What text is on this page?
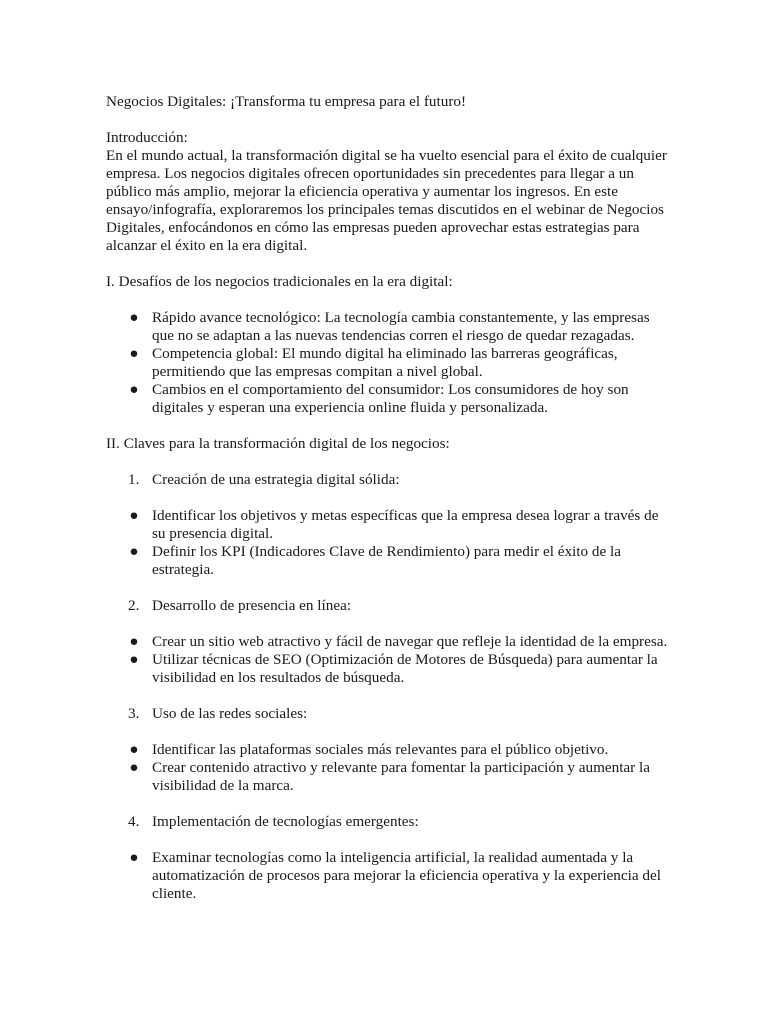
Negocios Digitales: ¡Transforma tu empresa para el futuro!

Introducción:

En el mundo actual, la transformación digital se ha vuelto esencial para el éxito de cualquier empresa. Los negocios digitales ofrecen oportunidades sin precedentes para llegar a un público más amplio, mejorar la eficiencia operativa y aumentar los ingresos. En este ensayo/infografía, exploraremos los principales temas discutidos en el webinar de Negocios Digitales, enfocándonos en cómo las empresas pueden aprovechar estas estrategias para alcanzar el éxito en la era digital.

I. Desafíos de los negocios tradicionales en la era digital:

● Rápido avance tecnológico: La tecnología cambia constantemente, y las empresas que no se adaptan a las nuevas tendencias corren el riesgo de quedar rezagadas.
● Competencia global: El mundo digital ha eliminado las barreras geográficas, permitiendo que las empresas compitan a nivel global.
● Cambios en el comportamiento del consumidor: Los consumidores de hoy son digitales y esperan una experiencia online fluida y personalizada.

II. Claves para la transformación digital de los negocios:

1. Creación de una estrategia digital sólida:
● Identificar los objetivos y metas específicas que la empresa desea lograr a través de su presencia digital.
● Definir los KPI (Indicadores Clave de Rendimiento) para medir el éxito de la estrategia.
2. Desarrollo de presencia en línea:
● Crear un sitio web atractivo y fácil de navegar que refleje la identidad de la empresa.
● Utilizar técnicas de SEO (Optimización de Motores de Búsqueda) para aumentar la visibilidad en los resultados de búsqueda.
3. Uso de las redes sociales:
● Identificar las plataformas sociales más relevantes para el público objetivo.
● Crear contenido atractivo y relevante para fomentar la participación y aumentar la visibilidad de la marca.
4. Implementación de tecnologías emergentes:
● Examinar tecnologías como la inteligencia artificial, la realidad aumentada y la automatización de procesos para mejorar la eficiencia operativa y la experiencia del cliente.
